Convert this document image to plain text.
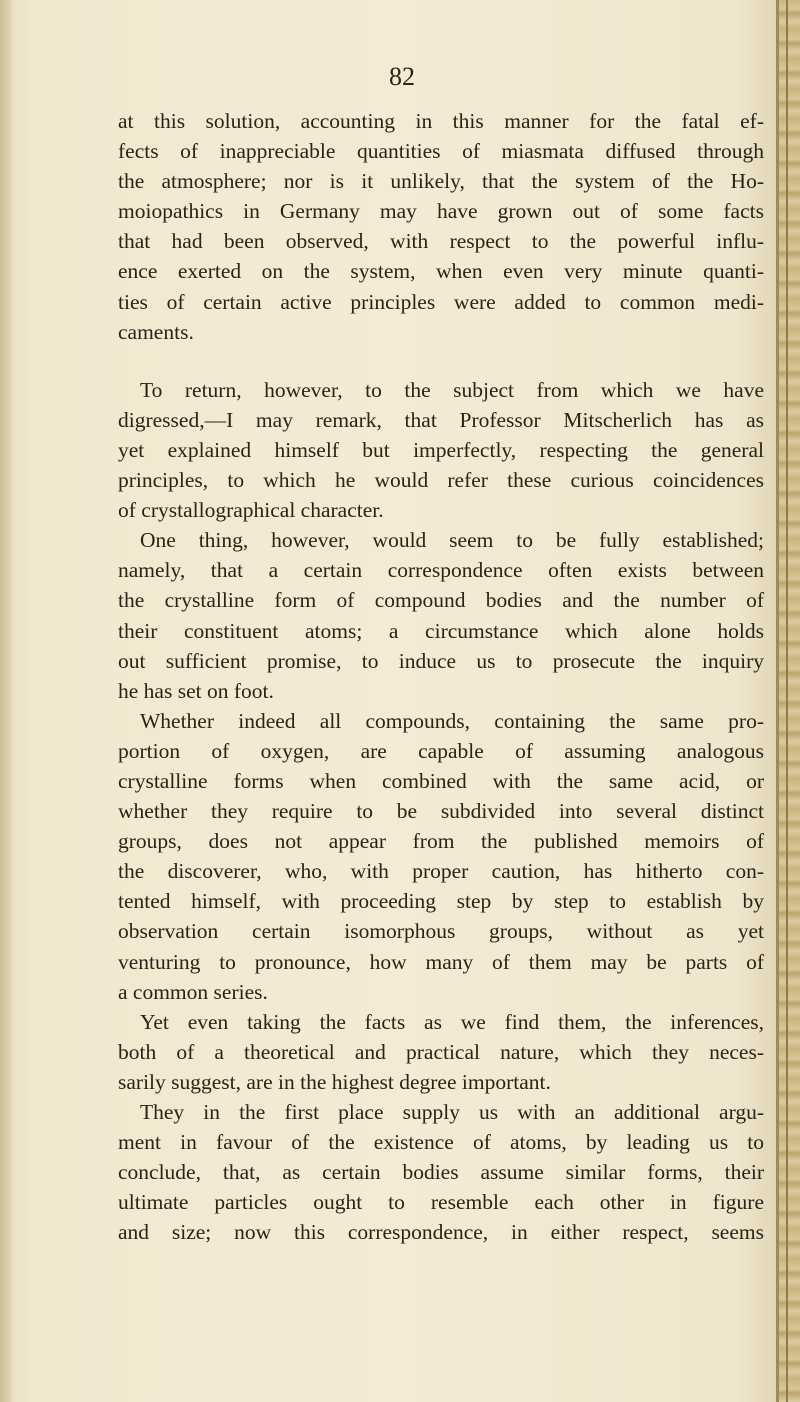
82
at this solution, accounting in this manner for the fatal ef-
fects of inappreciable quantities of miasmata diffused through
the atmosphere; nor is it unlikely, that the system of the Ho-
moiopathics in Germany may have grown out of some facts
that had been observed, with respect to the powerful influ-
ence exerted on the system, when even very minute quanti-
ties of certain active principles were added to common medi-
caments.
To return, however, to the subject from which we have
digressed,—I may remark, that Professor Mitscherlich has as
yet explained himself but imperfectly, respecting the general
principles, to which he would refer these curious coincidences
of crystallographical character.
One thing, however, would seem to be fully established;
namely, that a certain correspondence often exists between
the crystalline form of compound bodies and the number of
their constituent atoms; a circumstance which alone holds
out sufficient promise, to induce us to prosecute the inquiry
he has set on foot.
Whether indeed all compounds, containing the same pro-
portion of oxygen, are capable of assuming analogous
crystalline forms when combined with the same acid, or
whether they require to be subdivided into several distinct
groups, does not appear from the published memoirs of
the discoverer, who, with proper caution, has hitherto con-
tented himself, with proceeding step by step to establish by
observation certain isomorphous groups, without as yet
venturing to pronounce, how many of them may be parts of
a common series.
Yet even taking the facts as we find them, the inferences,
both of a theoretical and practical nature, which they neces-
sarily suggest, are in the highest degree important.
They in the first place supply us with an additional argu-
ment in favour of the existence of atoms, by leading us to
conclude, that, as certain bodies assume similar forms, their
ultimate particles ought to resemble each other in figure
and size; now this correspondence, in either respect, seems
